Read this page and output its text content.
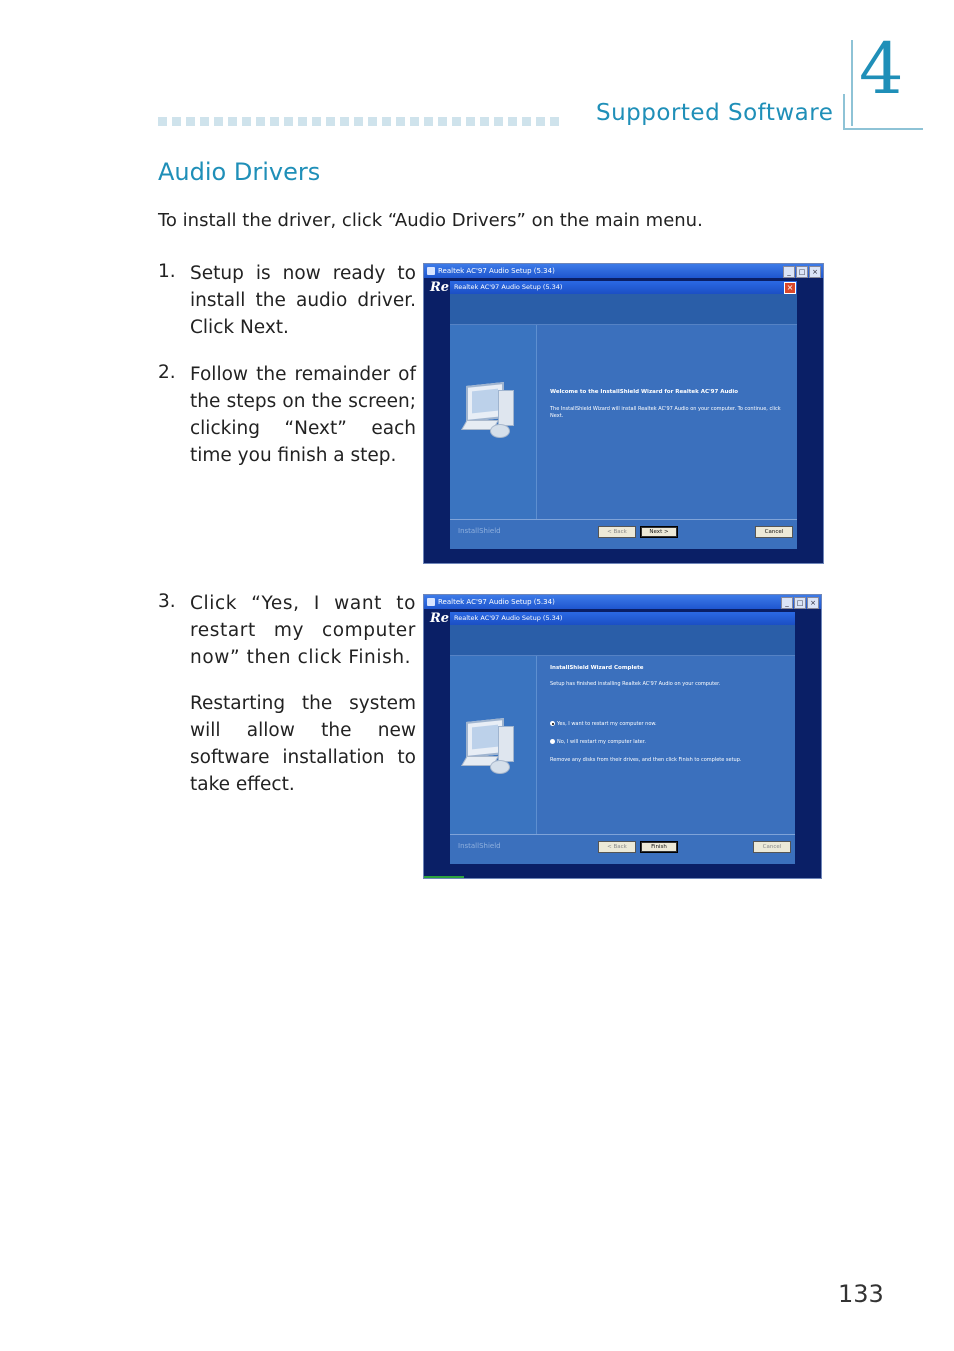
Supported Software
4
Audio Drivers
To install the driver, click “Audio Drivers” on the main menu.
1. Setup is now ready to install the audio driver. Click Next.
2. Follow the remainder of the steps on the screen; clicking “Next” each time you finish a step.
3. Click “Yes, I want to restart my computer now” then click Finish.
Restarting the system will allow the new software installation to take effect.
Realtek AC'97 Audio Setup (5.34)	_	□ ×
Re Realtek AC'97 Audio Setup (5.34)	×
Welcome to the InstallShield Wizard for Realtek AC'97 Audio
The InstallShield Wizard will install Realtek AC'97 Audio on your computer. To continue, click Next.
InstallShield	< Back	Next >	Cancel
Realtek AC'97 Audio Setup (5.34)	_	□ ×
Re Realtek AC'97 Audio Setup (5.34)
InstallShield Wizard Complete
Setup has finished installing Realtek AC'97 Audio on your computer.
Yes, I want to restart my computer now.
No, I will restart my computer later.
Remove any disks from their drives, and then click Finish to complete setup.
InstallShield	< Back	Finish	Cancel
133
